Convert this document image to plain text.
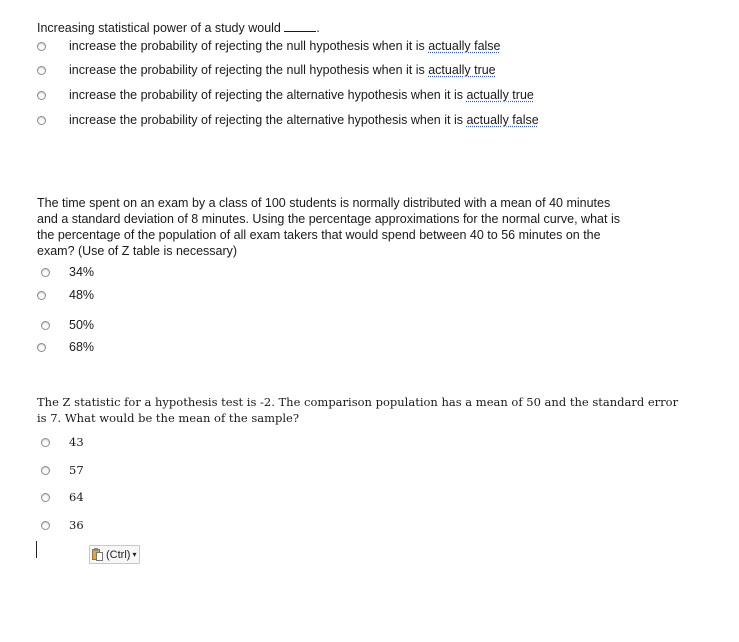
Increasing statistical power of a study would	.

increase the probability of rejecting the null hypothesis when it is actually false
increase the probability of rejecting the null hypothesis when it is actually true
increase the probability of rejecting the alternative hypothesis when it is actually true
increase the probability of rejecting the alternative hypothesis when it is actually false

The time spent on an exam by a class of 100 students is normally distributed with a mean of 40 minutes
and a standard deviation of 8 minutes. Using the percentage approximations for the normal curve, what is
the percentage of the population of all exam takers that would spend between 40 to 56 minutes on the
exam? (Use of Z table is necessary)

34%
48%
50%
68%

The Z statistic for a hypothesis test is -2. The comparison population has a mean of 50 and the standard error
is 7. What would be the mean of the sample?

43
57
64
36
(Ctrl) ▾
